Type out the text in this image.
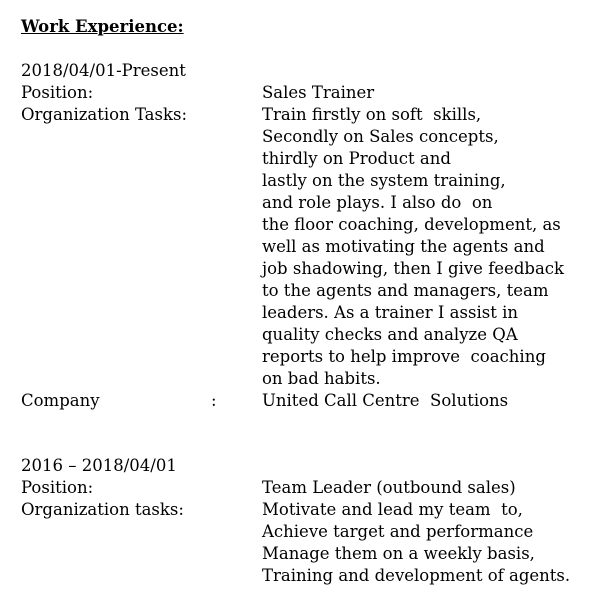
Work Experience:
2018/04/01-Present
Position:	Sales Trainer
Organization Tasks:	Train firstly on soft  skills,
Secondly on Sales concepts,
thirdly on Product and
lastly on the system training,
and role plays. I also do  on
the floor coaching, development, as
well as motivating the agents and
job shadowing, then I give feedback
to the agents and managers, team
leaders. As a trainer I assist in
quality checks and analyze QA
reports to help improve  coaching
on bad habits.
Company	:	United Call Centre  Solutions
2016 – 2018/04/01
Position:	Team Leader (outbound sales)
Organization tasks:	Motivate and lead my team  to,
Achieve target and performance
Manage them on a weekly basis,
Training and development of agents.
